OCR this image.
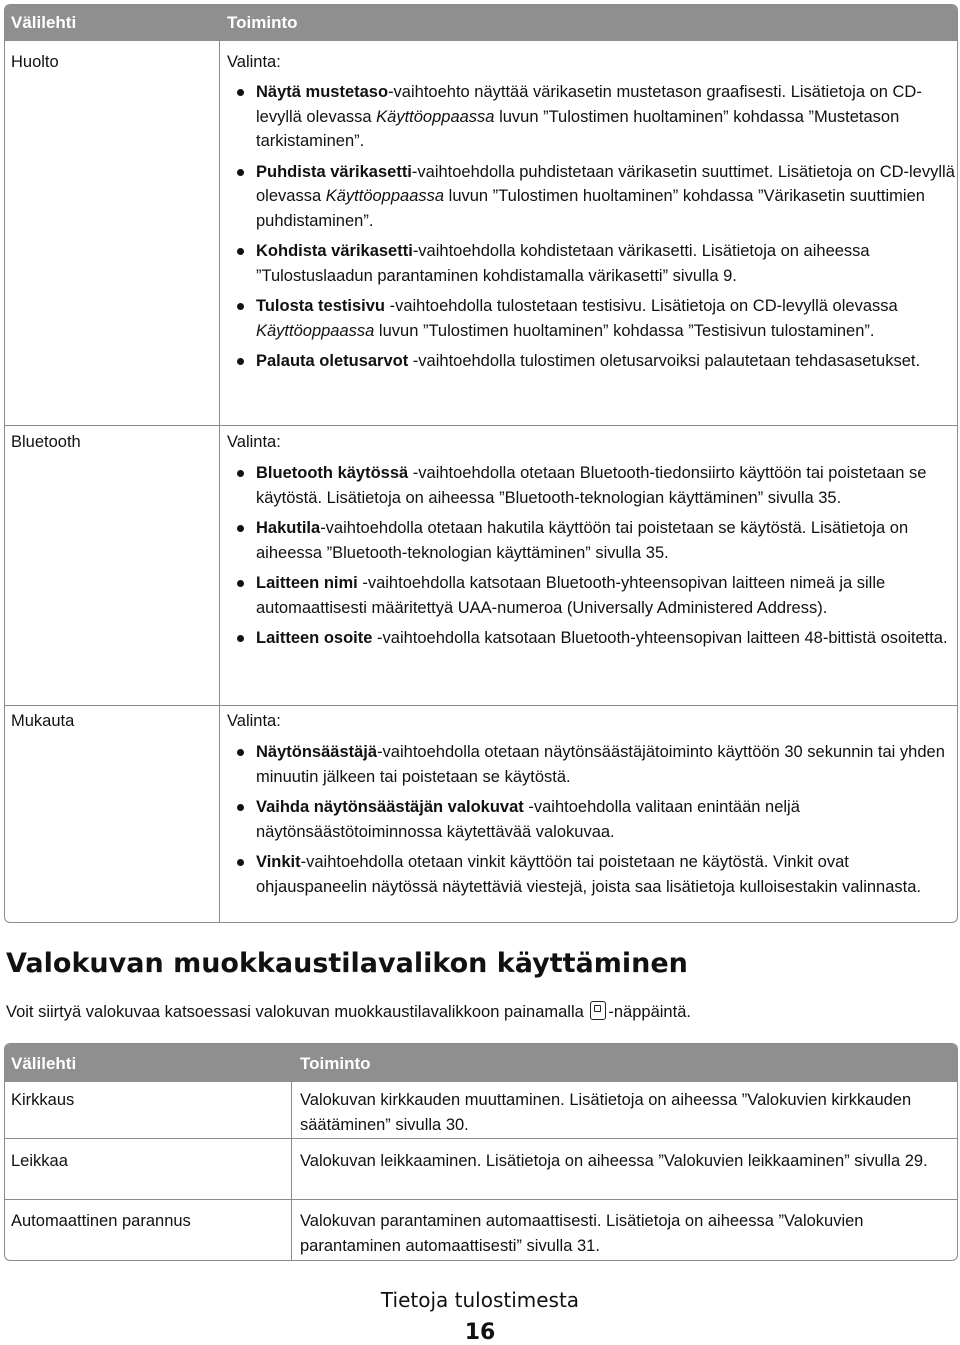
Välilehti	Toiminto
Huolto	Valinta:
Näytä mustetaso-vaihtoehto näyttää värikasetin mustetason graafisesti. Lisätietoja on CD-levyllä olevassa Käyttöoppaassa luvun ”Tulostimen huoltaminen” kohdassa ”Mustetason tarkistaminen”.
Puhdista värikasetti-vaihtoehdolla puhdistetaan värikasetin suuttimet. Lisätietoja on CD-levyllä olevassa Käyttöoppaassa luvun ”Tulostimen huoltaminen” kohdassa ”Värikasetin suuttimien puhdistaminen”.
Kohdista värikasetti-vaihtoehdolla kohdistetaan värikasetti. Lisätietoja on aiheessa ”Tulostuslaadun parantaminen kohdistamalla värikasetti” sivulla 9.
Tulosta testisivu -vaihtoehdolla tulostetaan testisivu. Lisätietoja on CD-levyllä olevassa Käyttöoppaassa luvun ”Tulostimen huoltaminen” kohdassa ”Testisivun tulostaminen”.
Palauta oletusarvot -vaihtoehdolla tulostimen oletusarvoiksi palautetaan tehdasasetukset.
Bluetooth	Valinta:
Bluetooth käytössä -vaihtoehdolla otetaan Bluetooth-tiedonsiirto käyttöön tai poistetaan se käytöstä. Lisätietoja on aiheessa ”Bluetooth-teknologian käyttäminen” sivulla 35.
Hakutila-vaihtoehdolla otetaan hakutila käyttöön tai poistetaan se käytöstä. Lisätietoja on aiheessa ”Bluetooth-teknologian käyttäminen” sivulla 35.
Laitteen nimi -vaihtoehdolla katsotaan Bluetooth-yhteensopivan laitteen nimeä ja sille automaattisesti määritettyä UAA-numeroa (Universally Administered Address).
Laitteen osoite -vaihtoehdolla katsotaan Bluetooth-yhteensopivan laitteen 48-bittistä osoitetta.
Mukauta	Valinta:
Näytönsäästäjä-vaihtoehdolla otetaan näytönsäästäjätoiminto käyttöön 30 sekunnin tai yhden minuutin jälkeen tai poistetaan se käytöstä.
Vaihda näytönsäästäjän valokuvat -vaihtoehdolla valitaan enintään neljä näytönsäästötoiminnossa käytettävää valokuvaa.
Vinkit-vaihtoehdolla otetaan vinkit käyttöön tai poistetaan ne käytöstä. Vinkit ovat ohjauspaneelin näytössä näytettäviä viestejä, joista saa lisätietoja kulloisestakin valinnasta.
Valokuvan muokkaustilavalikon käyttäminen
Voit siirtyä valokuvaa katsoessasi valokuvan muokkaustilavalikkoon painamalla -näppäintä.
Välilehti	Toiminto
Kirkkaus	Valokuvan kirkkauden muuttaminen. Lisätietoja on aiheessa ”Valokuvien kirkkauden säätäminen” sivulla 30.
Leikkaa	Valokuvan leikkaaminen. Lisätietoja on aiheessa ”Valokuvien leikkaaminen” sivulla 29.
Automaattinen parannus	Valokuvan parantaminen automaattisesti. Lisätietoja on aiheessa ”Valokuvien parantaminen automaattisesti” sivulla 31.
Tietoja tulostimesta
16
